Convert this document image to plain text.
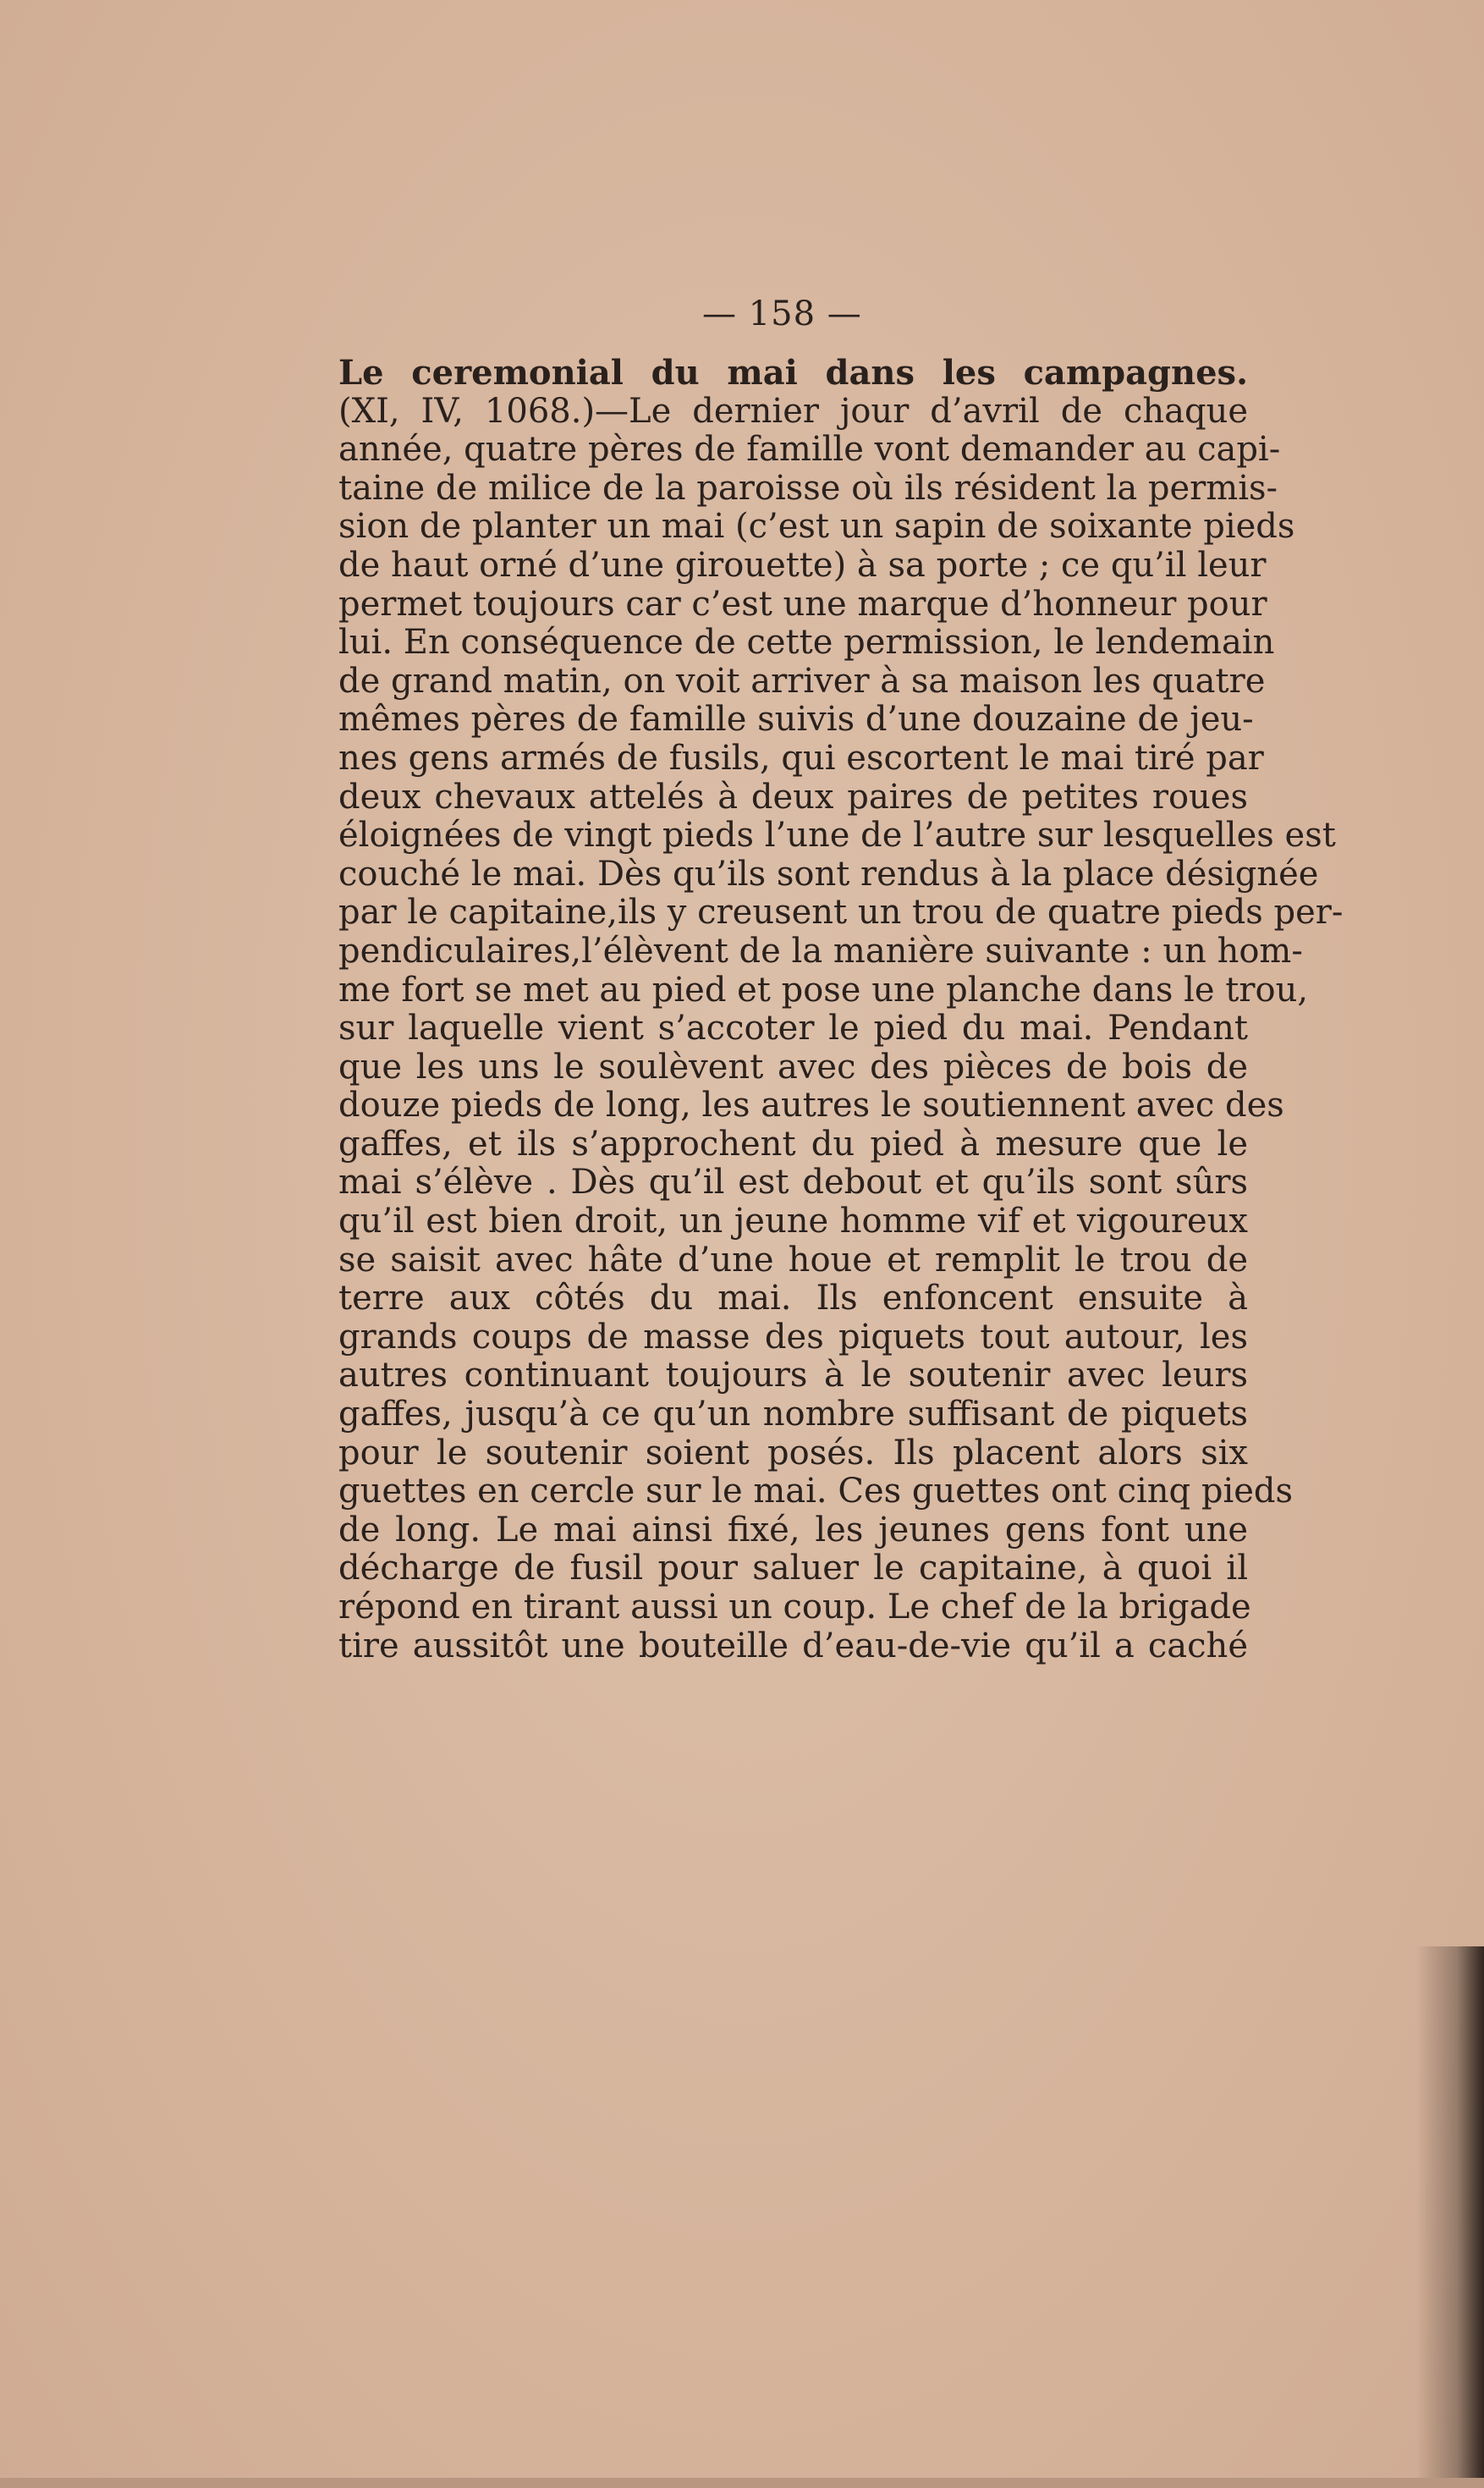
— 158 —
Le ceremonial du mai dans les campagnes.
(XI, IV, 1068.)—Le dernier jour d’avril de chaque
année, quatre pères de famille vont demander au capi-
taine de milice de la paroisse où ils résident la permis-
sion de planter un mai (c’est un sapin de soixante pieds
de haut orné d’une girouette) à sa porte ; ce qu’il leur
permet toujours car c’est une marque d’honneur pour
lui. En conséquence de cette permission, le lendemain
de grand matin, on voit arriver à sa maison les quatre
mêmes pères de famille suivis d’une douzaine de jeu-
nes gens armés de fusils, qui escortent le mai tiré par
deux chevaux attelés à deux paires de petites roues
éloignées de vingt pieds l’une de l’autre sur lesquelles est
couché le mai. Dès qu’ils sont rendus à la place désignée
par le capitaine,ils y creusent un trou de quatre pieds per-
pendiculaires,l’élèvent de la manière suivante : un hom-
me fort se met au pied et pose une planche dans le trou,
sur laquelle vient s’accoter le pied du mai. Pendant
que les uns le soulèvent avec des pièces de bois de
douze pieds de long, les autres le soutiennent avec des
gaffes, et ils s’approchent du pied à mesure que le
mai s’élève . Dès qu’il est debout et qu’ils sont sûrs
qu’il est bien droit, un jeune homme vif et vigoureux
se saisit avec hâte d’une houe et remplit le trou de
terre aux côtés du mai. Ils enfoncent ensuite à
grands coups de masse des piquets tout autour, les
autres continuant toujours à le soutenir avec leurs
gaffes, jusqu’à ce qu’un nombre suffisant de piquets
pour le soutenir soient posés. Ils placent alors six
guettes en cercle sur le mai. Ces guettes ont cinq pieds
de long. Le mai ainsi fixé, les jeunes gens font une
décharge de fusil pour saluer le capitaine, à quoi il
répond en tirant aussi un coup. Le chef de la brigade
tire aussitôt une bouteille d’eau-de-vie qu’il a caché
